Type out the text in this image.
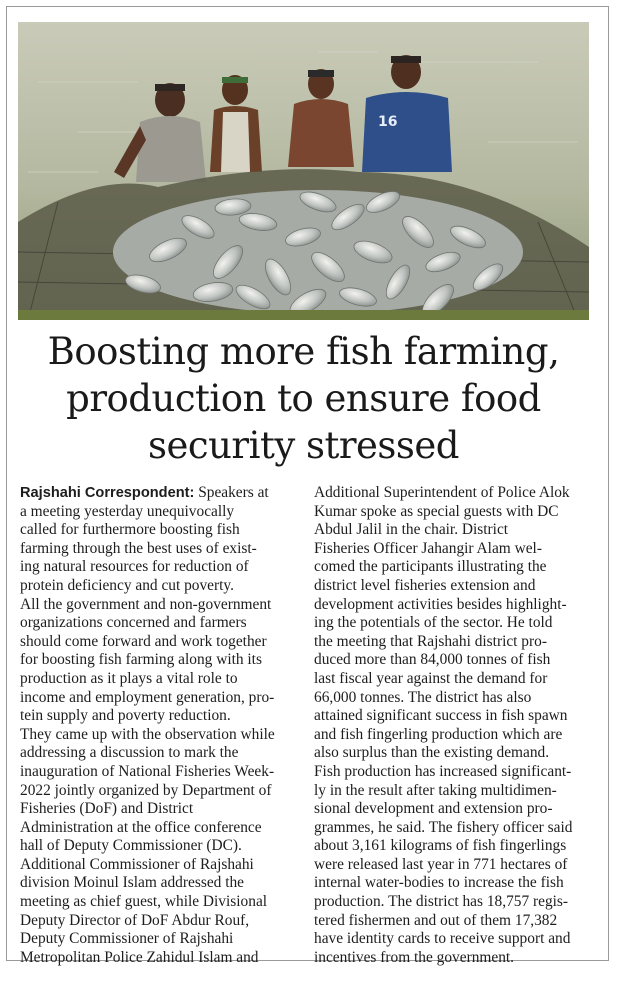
16
Boosting more fish farming,
production to ensure food
security stressed

Rajshahi Correspondent: Speakers at

a meeting yesterday unequivocally

called for furthermore boosting fish

farming through the best uses of exist-

ing natural resources for reduction of

protein deficiency and cut poverty.

All the government and non-government

organizations concerned and farmers

should come forward and work together

for boosting fish farming along with its

production as it plays a vital role to

income and employment generation, pro-

tein supply and poverty reduction.

They came up with the observation while

addressing a discussion to mark the

inauguration of National Fisheries Week-

2022 jointly organized by Department of

Fisheries (DoF) and District

Administration at the office conference

hall of Deputy Commissioner (DC).

Additional Commissioner of Rajshahi

division Moinul Islam addressed the

meeting as chief guest, while Divisional

Deputy Director of DoF Abdur Rouf,

Deputy Commissioner of Rajshahi

Metropolitan Police Zahidul Islam and

Additional Superintendent of Police Alok

Kumar spoke as special guests with DC

Abdul Jalil in the chair. District

Fisheries Officer Jahangir Alam wel-

comed the participants illustrating the

district level fisheries extension and

development activities besides highlight-

ing the potentials of the sector. He told

the meeting that Rajshahi district pro-

duced more than 84,000 tonnes of fish

last fiscal year against the demand for

66,000 tonnes. The district has also

attained significant success in fish spawn

and fish fingerling production which are

also surplus than the existing demand.

Fish production has increased significant-

ly in the result after taking multidimen-

sional development and extension pro-

grammes, he said. The fishery officer said

about 3,161 kilograms of fish fingerlings

were released last year in 771 hectares of

internal water-bodies to increase the fish

production. The district has 18,757 regis-

tered fishermen and out of them 17,382

have identity cards to receive support and

incentives from the government.
